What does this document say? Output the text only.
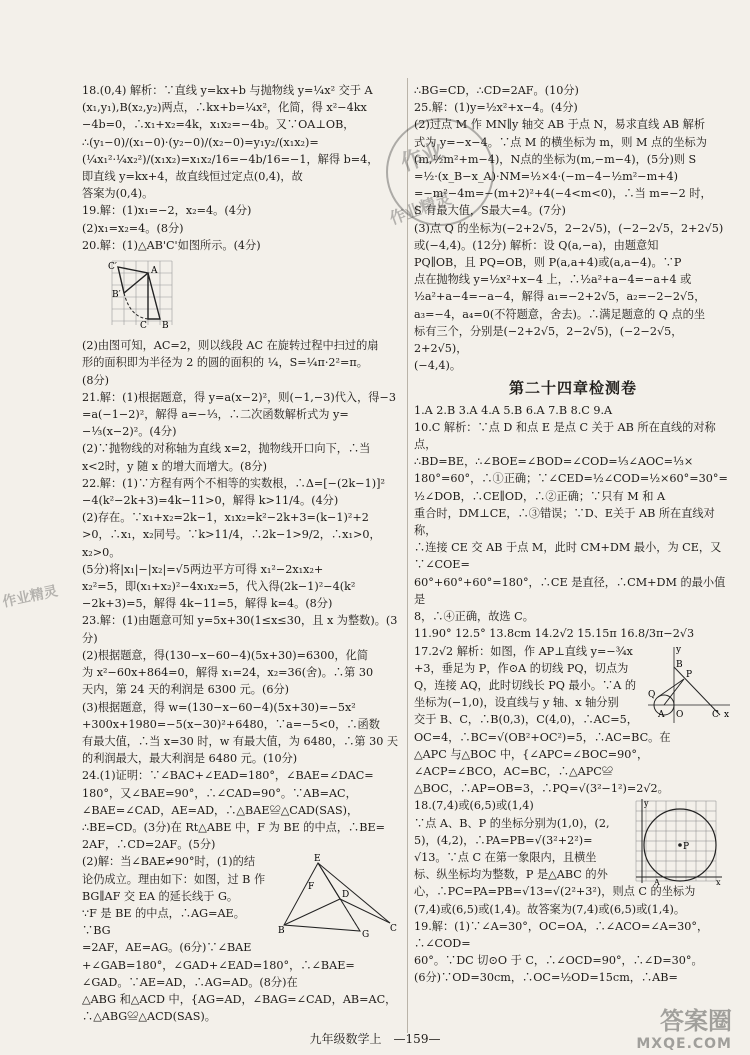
18.(0,4) 解析：∵直线 y=kx+b 与抛物线 y=¼x² 交于 A

(x₁,y₁),B(x₂,y₂)两点，∴kx+b=¼x²，化简，得 x²−4kx

−4b=0，∴x₁+x₂=4k，x₁x₂=−4b。又∵OA⊥OB，

∴(y₁−0)/(x₁−0)·(y₂−0)/(x₂−0)=y₁y₂/(x₁x₂)=(¼x₁²·¼x₂²)/(x₁x₂)=x₁x₂/16=−4b/16=−1，解得 b=4，

即直线 y=kx+4，故直线恒过定点(0,4)，故

答案为(0,4)。

19.解：(1)x₁=−2，x₂=4。(4分)

(2)x₁=x₂=4。(8分)

20.解：(1)△AB'C'如图所示。(4分)

C′	A
B′
C B

(2)由图可知，AC=2，则以线段 AC 在旋转过程中扫过的扇

形的面积即为半径为 2 的圆的面积的 ¼，S=¼π·2²=π。

(8分)

21.解：(1)根据题意，得 y=a(x−2)²，则(−1,−3)代入，得−3

=a(−1−2)²，解得 a=−⅓，∴二次函数解析式为 y=

−⅓(x−2)²。(4分)

(2)∵抛物线的对称轴为直线 x=2，抛物线开口向下，∴当

x<2时，y 随 x 的增大而增大。(8分)

22.解：(1)∵方程有两个不相等的实数根，∴Δ=[−(2k−1)]²

−4(k²−2k+3)=4k−11>0，解得 k>11/4。(4分)

(2)存在。∵x₁+x₂=2k−1，x₁x₂=k²−2k+3=(k−1)²+2

>0，∴x₁，x₂同号。∵k>11/4，∴2k−1>9/2，∴x₁>0，x₂>0。

(5分)将|x₁|−|x₂|=√5两边平方可得 x₁²−2x₁x₂+

x₂²=5，即(x₁+x₂)²−4x₁x₂=5，代入得(2k−1)²−4(k²

−2k+3)=5，解得 4k−11=5，解得 k=4。(8分)

23.解：(1)由题意可知 y=5x+30(1≤x≤30，且 x 为整数)。(3分)

(2)根据题意，得(130−x−60−4)(5x+30)=6300，化简

为 x²−60x+864=0，解得 x₁=24，x₂=36(舍)。∴第 30

天内，第 24 天的利润是 6300 元。(6分)

(3)根据题意，得 w=(130−x−60−4)(5x+30)=−5x²

+300x+1980=−5(x−30)²+6480，∵a=−5<0，∴函数

有最大值，∴当 x=30 时，w 有最大值，为 6480，∴第 30 天

的利润最大，最大利润是 6480 元。(10分)

24.(1)证明：∵∠BAC+∠EAD=180°，∠BAE=∠DAC=

180°，又∠BAE=90°，∴∠CAD=90°。∵AB=AC，

∠BAE=∠CAD，AE=AD，∴△BAE≌△CAD(SAS)，

∴BE=CD。(3分)在 Rt△ABE 中，F 为 BE 的中点，∴BE=

2AF，∴CD=2AF。(5分)

(2)解：当∠BAE≠90°时，(1)的结

论仍成立。理由如下：如图，过 B 作

BG∥AF 交 EA 的延长线于 G。

∵F 是 BE 的中点，∴AG=AE。∵BG

=2AF，AE=AG。(6分)∵∠BAE

E
D
B	G
C
F

+∠GAB=180°，∠GAD+∠EAD=180°，∴∠BAE=

∠GAD。∵AE=AD，∴AG=AD。(8分)在

△ABG 和△ACD 中，{AG=AD，∠BAG=∠CAD，AB=AC，∴△ABG≌△ACD(SAS)。

∴BG=CD，∴CD=2AF。(10分)

25.解：(1)y=½x²+x−4。(4分)

(2)过点 M 作 MN∥y 轴交 AB 于点 N，易求直线 AB 解析

式为 y=−x−4。∵点 M 的横坐标为 m，则 M 点的坐标为

(m,½m²+m−4)，N点的坐标为(m,−m−4)，(5分)则 S

=½·(x_B−x_A)·NM=½×4·(−m−4−½m²−m+4)

=−m²−4m=−(m+2)²+4(−4<m<0)，∴当 m=−2 时，

S 有最大值，S最大=4。(7分)

(3)点 Q 的坐标为(−2+2√5，2−2√5)，(−2−2√5，2+2√5)

或(−4,4)。(12分) 解析：设 Q(a,−a)，由题意知

PQ∥OB，且 PQ=OB，则 P(a,a+4)或(a,a−4)。∵P

点在抛物线 y=½x²+x−4 上，∴½a²+a−4=−a+4 或

½a²+a−4=−a−4，解得 a₁=−2+2√5，a₂=−2−2√5，

a₃=−4，a₄=0(不符题意，舍去)。∴满足题意的 Q 点的坐

标有三个，分别是(−2+2√5，2−2√5)，(−2−2√5，2+2√5)，

(−4,4)。

第二十四章检测卷

1.A 2.B 3.A 4.A 5.B 6.A 7.B 8.C 9.A

10.C 解析：∵点 D 和点 E 是点 C 关于 AB 所在直线的对称点，

∴BD=BE，∴∠BOE=∠BOD=∠COD=⅓∠AOC=⅓×

180°=60°，∴①正确；∵∠CED=½∠COD=½×60°=30°=

½∠DOB，∴CE∥OD，∴②正确；∵只有 M 和 A

重合时，DM⊥CE，∴③错误；∵D、E关于 AB 所在直线对称，

∴连接 CE 交 AB 于点 M，此时 CM+DM 最小，为 CE，又∵∠COE=

60°+60°+60°=180°，∴CE 是直径，∴CM+DM 的最小值是

8，∴④正确，故选 C。

11.90° 12.5° 13.8cm 14.2√2 15.15π 16.8/3π−2√3

17.2√2 解析：如图，作 AP⊥直线 y=−¾x

+3，垂足为 P，作⊙A 的切线 PQ，切点为

Q，连接 AQ，此时切线长 PQ 最小。∵A 的

坐标为(−1,0)，设直线与 y 轴、x 轴分别

交于 B、C，∴B(0,3)，C(4,0)，∴AC=5，

P
B
Q
A O	C x
y

OC=4，∴BC=√(OB²+OC²)=5，∴AC=BC。在

△APC 与△BOC 中，{∠APC=∠BOC=90°，∠ACP=∠BCO，AC=BC，∴△APC≌

△BOC，∴AP=OB=3，∴PQ=√(3²−1²)=2√2。

18.(7,4)或(6,5)或(1,4)

∵点 A、B、P 的坐标分别为(1,0)，(2,

5)，(4,2)，∴PA=PB=√(3²+2²)=

√13。∵点 C 在第一象限内，且横坐

标、纵坐标均为整数，P 是△ABC 的外

P
A	x
y

心，∴PC=PA=PB=√13=√(2²+3²)，则点 C 的坐标为

(7,4)或(6,5)或(1,4)。故答案为(7,4)或(6,5)或(1,4)。

19.解：(1)∵∠A=30°，OC=OA，∴∠ACO=∠A=30°，∴∠COD=

60°。∵DC 切⊙O 于 C，∴∠OCD=90°，∴∠D=30°。

(6分)∵OD=30cm，∴OC=½OD=15cm，∴AB=

九年级数学上　—159—
作业
作业精灵
作业精灵
答案圈
MXQE.COM
